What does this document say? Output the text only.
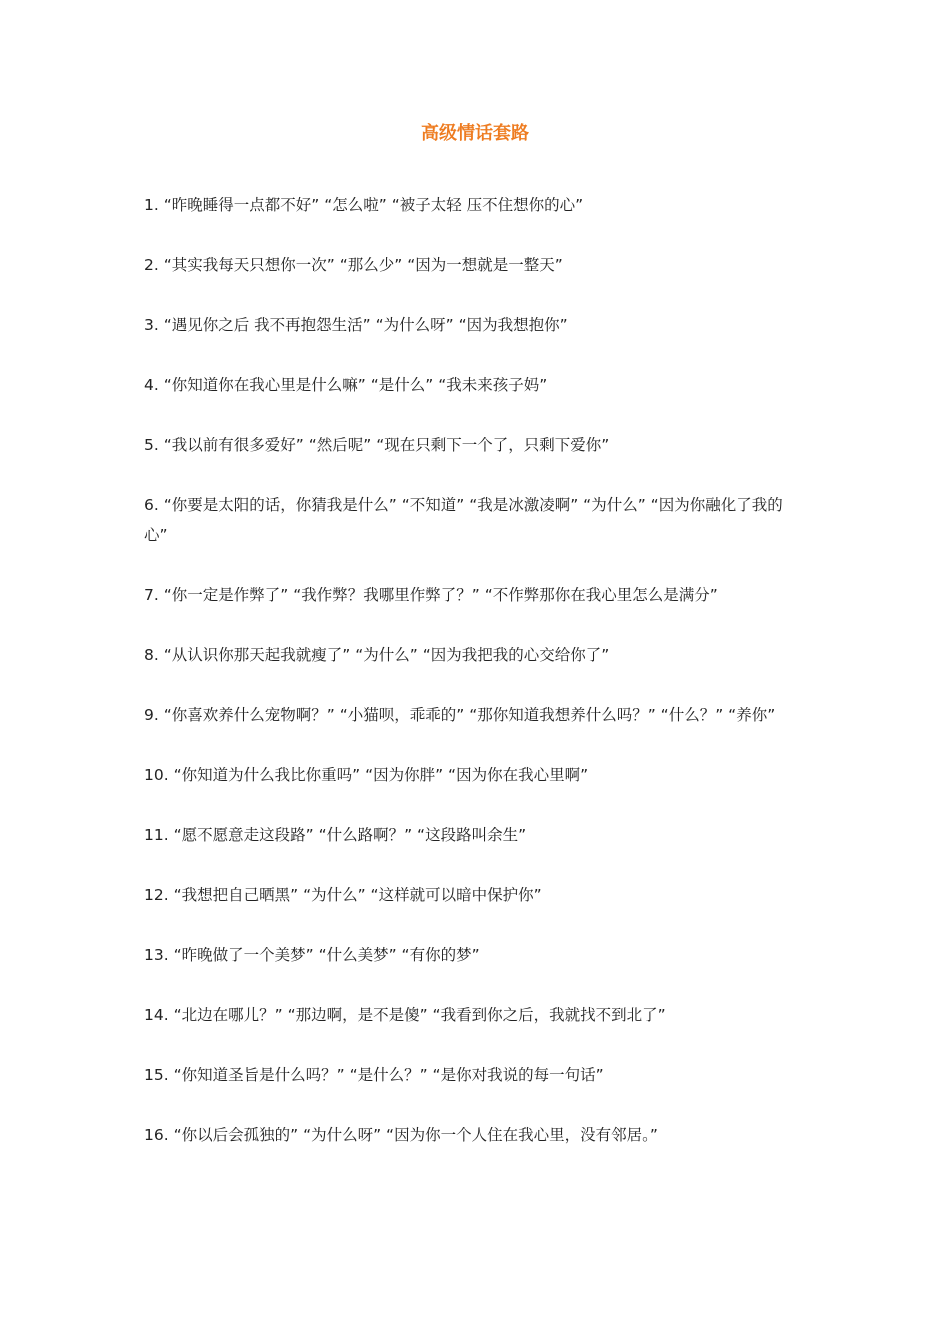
高级情话套路

1. “昨晚睡得一点都不好” “怎么啦” “被子太轻 压不住想你的心”

2. “其实我每天只想你一次” “那么少” “因为一想就是一整天”

3. “遇见你之后 我不再抱怨生活” “为什么呀” “因为我想抱你”

4. “你知道你在我心里是什么嘛” “是什么” “我未来孩子妈”

5. “我以前有很多爱好” “然后呢” “现在只剩下一个了，只剩下爱你”

6. “你要是太阳的话，你猜我是什么” “不知道” “我是冰激凌啊” “为什么” “因为你融化了我的心”

7. “你一定是作弊了” “我作弊？我哪里作弊了？” “不作弊那你在我心里怎么是满分”

8. “从认识你那天起我就瘦了” “为什么” “因为我把我的心交给你了”

9. “你喜欢养什么宠物啊？” “小猫呗，乖乖的” “那你知道我想养什么吗？” “什么？” “养你”

10. “你知道为什么我比你重吗” “因为你胖” “因为你在我心里啊”

11. “愿不愿意走这段路” “什么路啊？” “这段路叫余生”

12. “我想把自己晒黑” “为什么” “这样就可以暗中保护你”

13. “昨晚做了一个美梦” “什么美梦” “有你的梦”

14. “北边在哪儿？” “那边啊，是不是傻” “我看到你之后，我就找不到北了”

15. “你知道圣旨是什么吗？” “是什么？” “是你对我说的每一句话”

16. “你以后会孤独的” “为什么呀” “因为你一个人住在我心里，没有邻居。”
